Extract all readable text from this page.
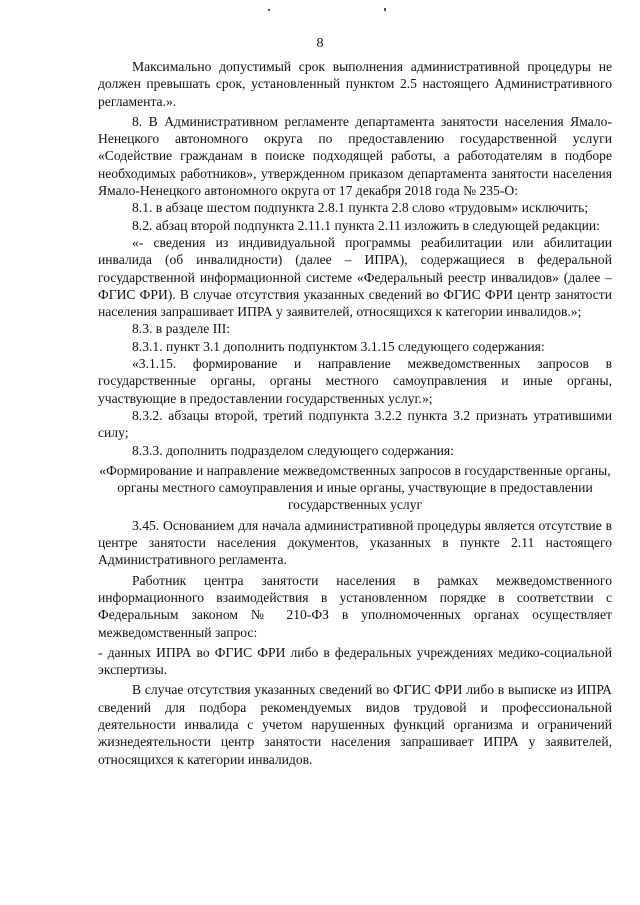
8

Максимально допустимый срок выполнения административной процедуры не должен превышать срок, установленный пунктом 2.5 настоящего Административного регламента.».

8. В Административном регламенте департамента занятости населения Ямало-Ненецкого автономного округа по предоставлению государственной услуги «Содействие гражданам в поиске подходящей работы, а работодателям в подборе необходимых работников», утвержденном приказом департамента занятости населения Ямало-Ненецкого автономного округа от 17 декабря 2018 года № 235-О:

8.1. в абзаце шестом подпункта 2.8.1 пункта 2.8 слово «трудовым» исключить;

8.2. абзац второй подпункта 2.11.1 пункта 2.11 изложить в следующей редакции:

«- сведения из индивидуальной программы реабилитации или абилитации инвалида (об инвалидности) (далее – ИПРА), содержащиеся в федеральной государственной информационной системе «Федеральный реестр инвалидов» (далее – ФГИС ФРИ). В случае отсутствия указанных сведений во ФГИС ФРИ центр занятости населения запрашивает ИПРА у заявителей, относящихся к категории инвалидов.»;

8.3. в разделе III:

8.3.1. пункт 3.1 дополнить подпунктом 3.1.15 следующего содержания:

«3.1.15. формирование и направление межведомственных запросов в государственные органы, органы местного самоуправления и иные органы, участвующие в предоставлении государственных услуг.»;

8.3.2. абзацы второй, третий подпункта 3.2.2 пункта 3.2 признать утратившими силу;

8.3.3. дополнить подразделом следующего содержания:

«Формирование и направление межведомственных запросов в государственные органы, органы местного самоуправления и иные органы, участвующие в предоставлении государственных услуг

3.45. Основанием для начала административной процедуры является отсутствие в центре занятости населения документов, указанных в пункте 2.11 настоящего Административного регламента.

Работник центра занятости населения в рамках межведомственного информационного взаимодействия в установленном порядке в соответствии с Федеральным законом № 210-ФЗ в уполномоченных органах осуществляет межведомственный запрос:

- данных ИПРА во ФГИС ФРИ либо в федеральных учреждениях медико-социальной экспертизы.

В случае отсутствия указанных сведений во ФГИС ФРИ либо в выписке из ИПРА сведений для подбора рекомендуемых видов трудовой и профессиональной деятельности инвалида с учетом нарушенных функций организма и ограничений жизнедеятельности центр занятости населения запрашивает ИПРА у заявителей, относящихся к категории инвалидов.
